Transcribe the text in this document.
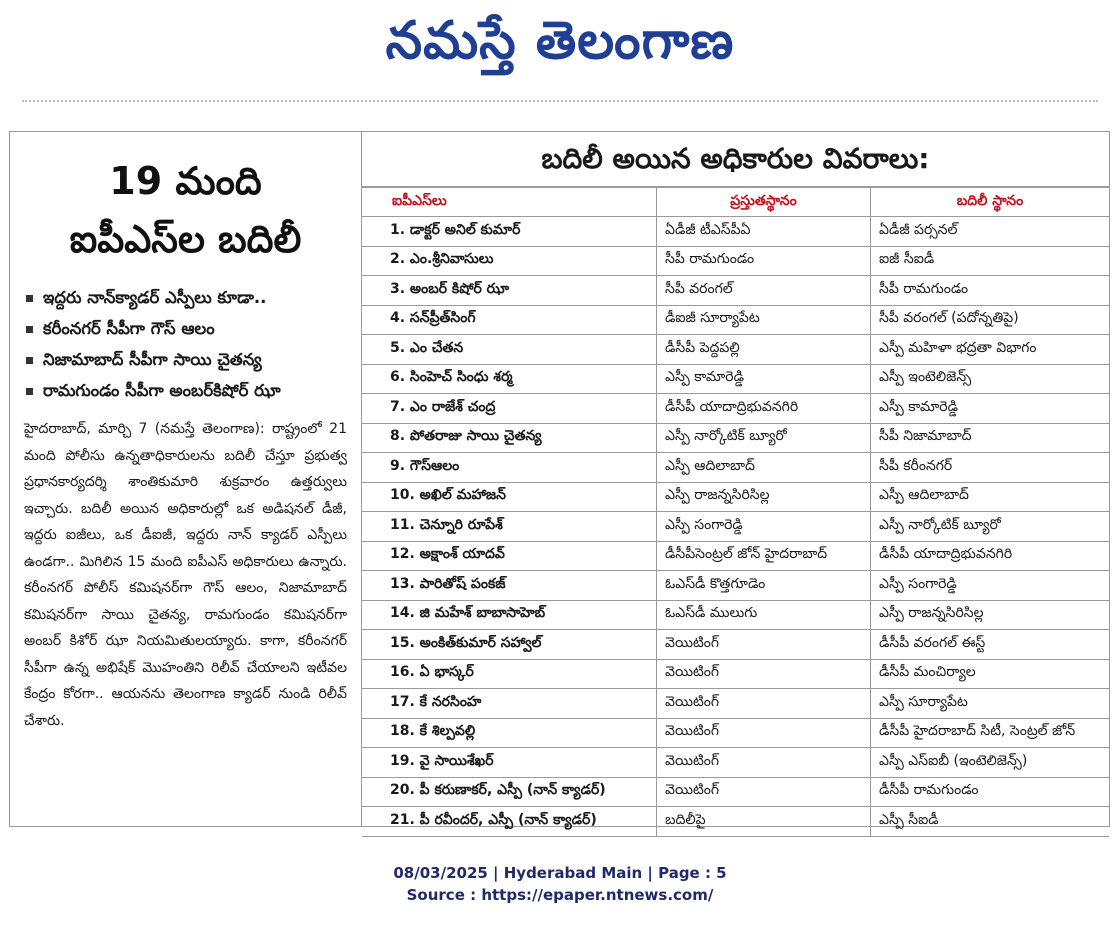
నమస్తే తెలంగాణ
19 మంది
ఐపీఎస్‌ల బదిలీ
ఇద్దరు నాన్‌క్యాడర్ ఎస్పీలు కూడా..
కరీంనగర్ సీపీగా గౌస్ ఆలం
నిజామాబాద్ సీపీగా సాయి చైతన్య
రామగుండం సీపీగా అంబర్‌కిషోర్ ఝా
హైదరాబాద్, మార్చి 7 (నమస్తే తెలంగాణ): రాష్ట్రంలో 21 మంది పోలీసు ఉన్నతాధికారులను బదిలీ చేస్తూ ప్రభుత్వ ప్రధానకార్యదర్శి శాంతికుమారి శుక్రవారం ఉత్తర్వులు ఇచ్చారు. బదిలీ అయిన అధికారుల్లో ఒక అడిషనల్ డీజీ, ఇద్దరు ఐజీలు, ఒక డీఐజీ, ఇద్దరు నాన్ క్యాడర్ ఎస్పీలు ఉండగా.. మిగిలిన 15 మంది ఐపీఎస్ అధికారులు ఉన్నారు. కరీంనగర్ పోలీస్ కమిషనర్‌గా గౌస్ ఆలం, నిజామాబాద్ కమిషనర్‌గా సాయి చైతన్య, రామగుండం కమిషనర్‌గా అంబర్ కిశోర్ ఝా నియమితులయ్యారు. కాగా, కరీంనగర్ సీపీగా ఉన్న అభిషేక్ మొహంతిని రిలీవ్ చేయాలని ఇటీవల కేంద్రం కోరగా.. ఆయనను తెలంగాణ క్యాడర్ నుండి రిలీవ్ చేశారు.
బదిలీ అయిన అధికారుల వివరాలు:
ఐపీఎస్‌లు	ప్రస్తుతస్థానం	బదిలీ స్థానం
1. డాక్టర్ అనిల్ కుమార్	ఏడీజీ టీఎస్‌పీఏ	ఏడీజీ పర్సనల్
2. ఎం.శ్రీనివాసులు	సీపీ రామగుండం	ఐజీ సీఐడీ
3. అంబర్ కిషోర్ ఝా	సీపీ వరంగల్	సీపీ రామగుండం
4. సన్‌ప్రీత్‌సింగ్	డీఐజీ సూర్యాపేట	సీపీ వరంగల్ (పదోన్నతిపై)
5. ఎం చేతన	డీసీపీ పెద్దపల్లి	ఎస్పీ మహిళా భద్రతా విభాగం
6. సింహెచ్ సింధు శర్మ	ఎస్పీ కామారెడ్డి	ఎస్పీ ఇంటెలిజెన్స్
7. ఎం రాజేశ్ చంద్ర	డీసీపీ యాదాద్రిభువనగిరి	ఎస్పీ కామారెడ్డి
8. పోతరాజు సాయి చైతన్య	ఎస్పీ నార్కోటిక్ బ్యూరో	సీపీ నిజామాబాద్
9. గౌస్‌ఆలం	ఎస్పీ ఆదిలాబాద్	సీపీ కరీంనగర్
10. అఖిల్ మహాజన్	ఎస్పీ రాజన్నసిరిసిల్ల	ఎస్పీ ఆదిలాబాద్
11. చెన్నూరి రూపేశ్	ఎస్పీ సంగారెడ్డి	ఎస్పీ నార్కోటిక్ బ్యూరో
12. అక్షాంశ్ యాదవ్	డీసీపీసెంట్రల్ జోన్ హైదరాబాద్	డీసీపీ యాదాద్రిభువనగిరి
13. పారితోష్ పంకజ్	ఓఎస్‌డీ కొత్తగూడెం	ఎస్పీ సంగారెడ్డి
14. జి మహేశ్ బాబాసాహెబ్	ఓఎస్‌డీ ములుగు	ఎస్పీ రాజన్నసిరిసిల్ల
15. అంకిత్‌కుమార్ సహ్వాల్	వెయిటింగ్	డీసీపీ వరంగల్ ఈస్ట్
16. ఏ భాస్కర్	వెయిటింగ్	డీసీపీ మంచిర్యాల
17. కే నరసింహ	వెయిటింగ్	ఎస్పీ సూర్యాపేట
18. కే శిల్పవల్లి	వెయిటింగ్	డీసీపీ హైదరాబాద్ సిటీ, సెంట్రల్ జోన్
19. వై సాయిశేఖర్	వెయిటింగ్	ఎస్పీ ఎస్ఐబీ (ఇంటెలిజెన్స్)
20. పీ కరుణాకర్, ఎస్పీ (నాన్ క్యాడర్)	వెయిటింగ్	డీసీపీ రామగుండం
21. పీ రవీందర్, ఎస్పీ (నాన్ క్యాడర్)	బదిలీపై	ఎస్పీ సీఐడీ
08/03/2025 | Hyderabad Main | Page : 5
Source : https://epaper.ntnews.com/
